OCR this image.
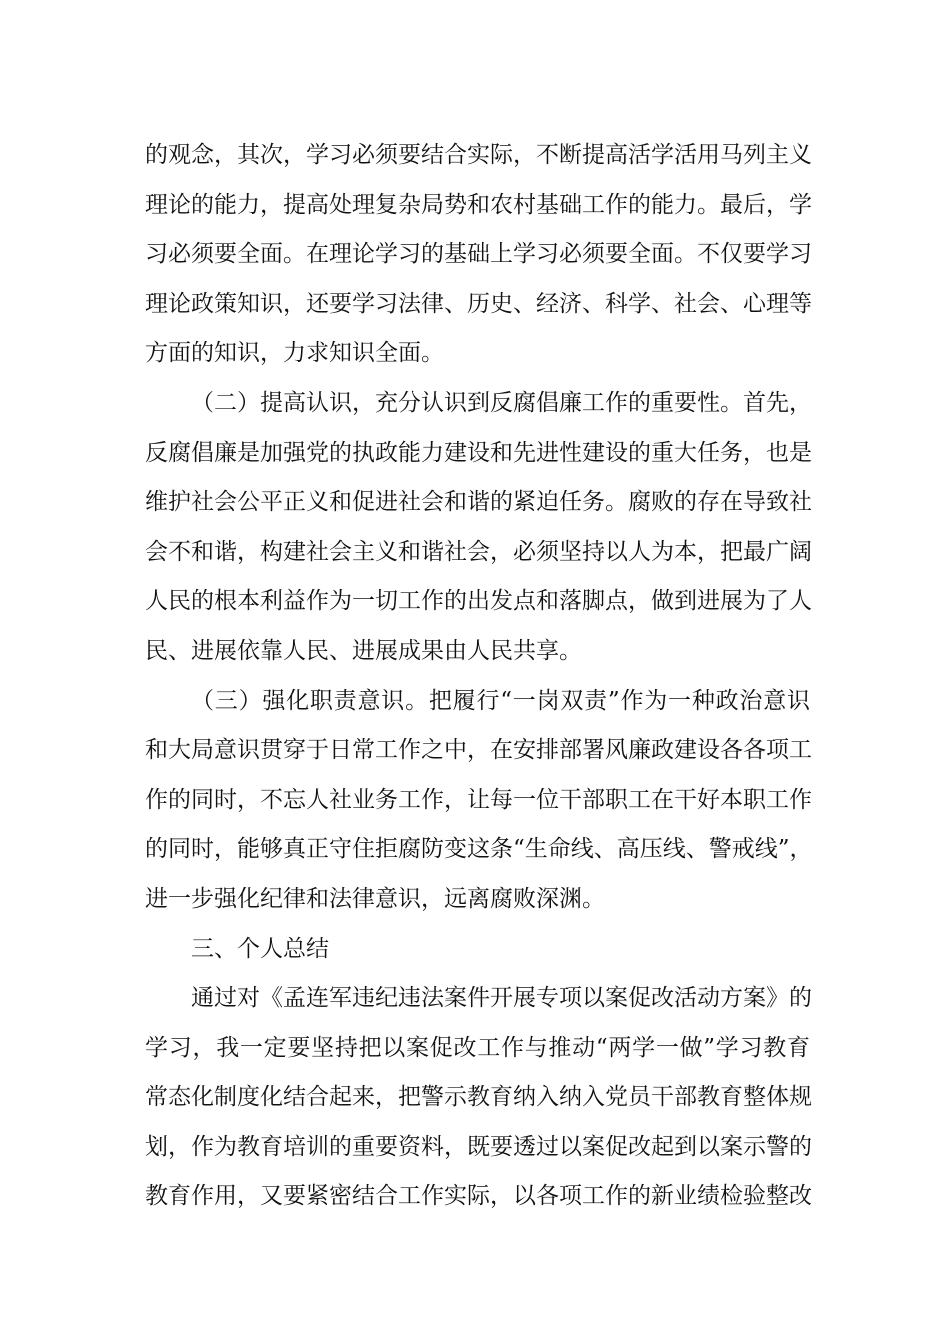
的观念，其次，学习必须要结合实际，不断提高活学活用马列主义
理论的能力，提高处理复杂局势和农村基础工作的能力。最后，学
习必须要全面。在理论学习的基础上学习必须要全面。不仅要学习
理论政策知识，还要学习法律、历史、经济、科学、社会、心理等
方面的知识，力求知识全面。
（二）提高认识，充分认识到反腐倡廉工作的重要性。首先，
反腐倡廉是加强党的执政能力建设和先进性建设的重大任务，也是
维护社会公平正义和促进社会和谐的紧迫任务。腐败的存在导致社
会不和谐，构建社会主义和谐社会，必须坚持以人为本，把最广阔
人民的根本利益作为一切工作的出发点和落脚点，做到进展为了人
民、进展依靠人民、进展成果由人民共享。
（三）强化职责意识。把履行“一岗双责”作为一种政治意识
和大局意识贯穿于日常工作之中，在安排部署风廉政建设各各项工
作的同时，不忘人社业务工作，让每一位干部职工在干好本职工作
的同时，能够真正守住拒腐防变这条“生命线、高压线、警戒线”，
进一步强化纪律和法律意识，远离腐败深渊。
三、个人总结
通过对《孟连军违纪违法案件开展专项以案促改活动方案》的
学习，我一定要坚持把以案促改工作与推动“两学一做”学习教育
常态化制度化结合起来，把警示教育纳入纳入党员干部教育整体规
划，作为教育培训的重要资料，既要透过以案促改起到以案示警的
教育作用，又要紧密结合工作实际，以各项工作的新业绩检验整改
